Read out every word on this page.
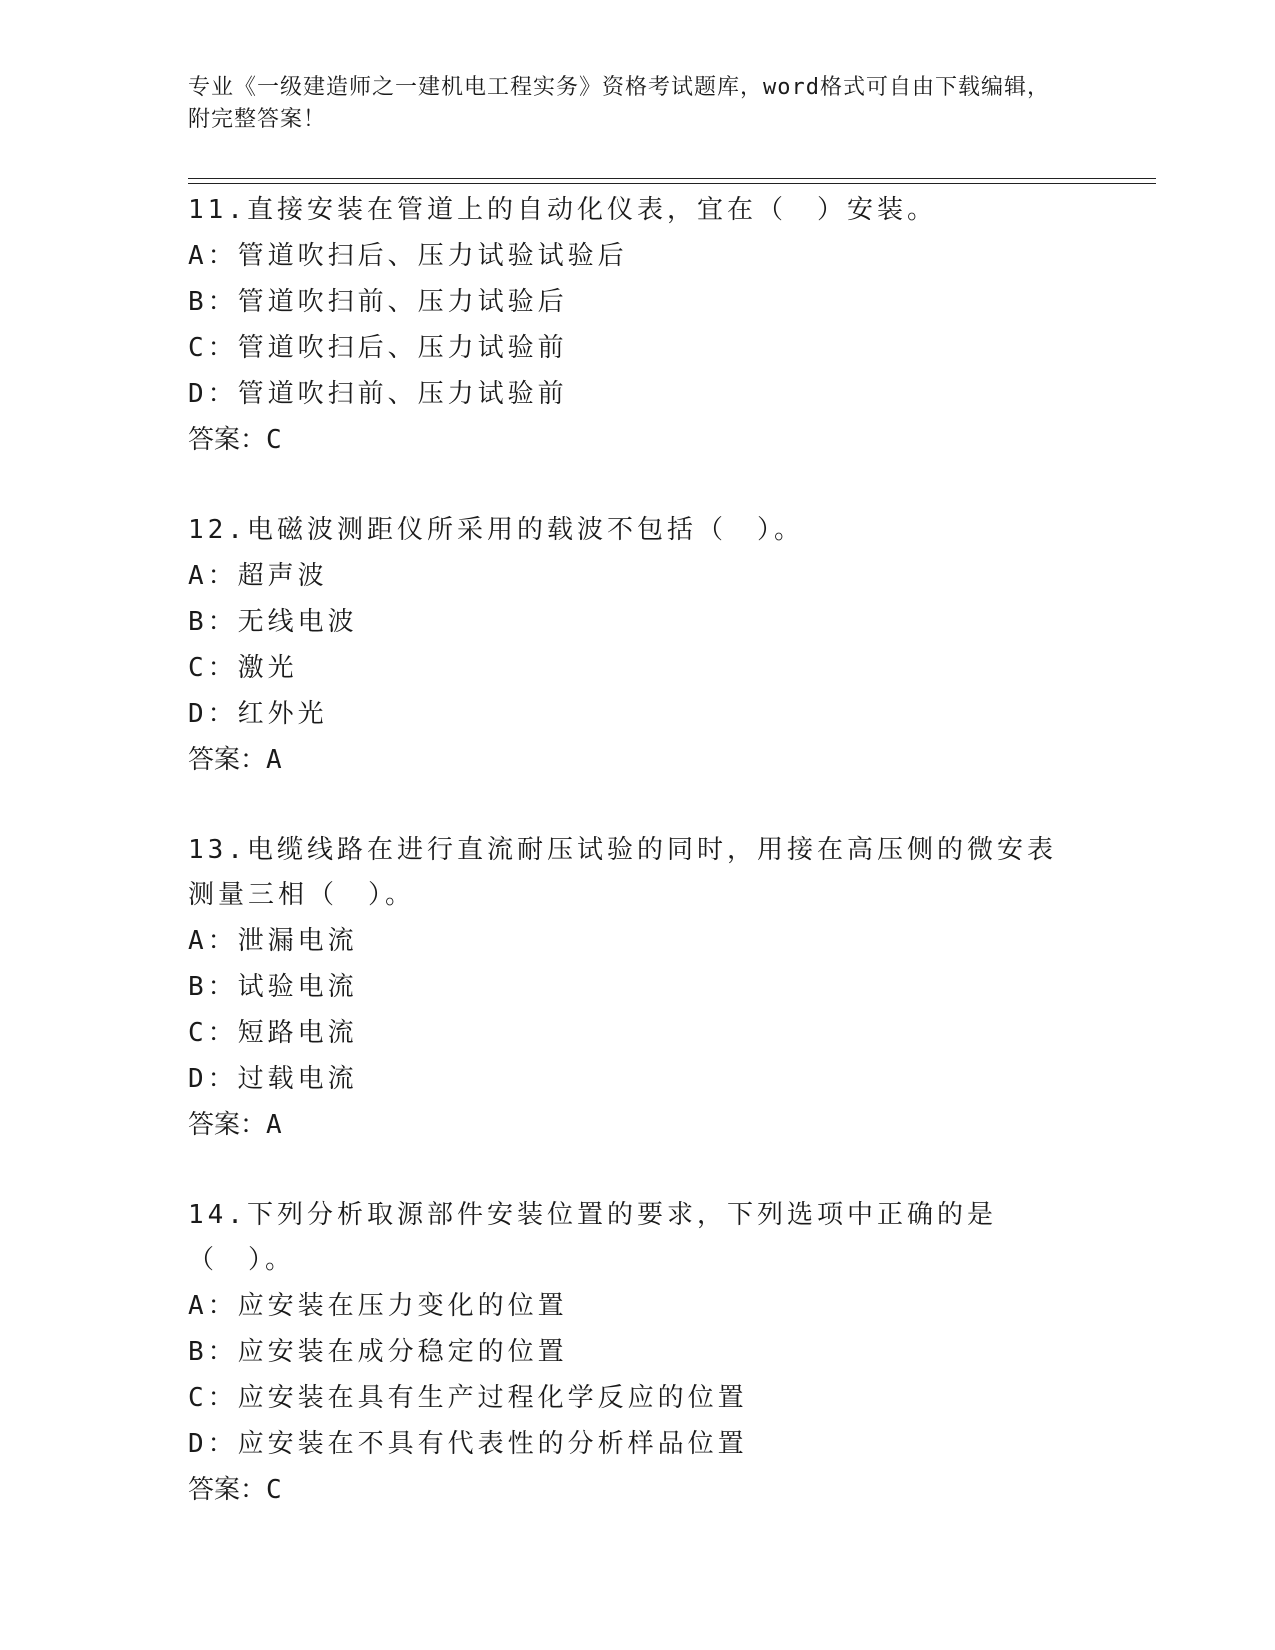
专业《一级建造师之一建机电工程实务》资格考试题库，word格式可自由下载编辑，附完整答案！
11.直接安装在管道上的自动化仪表，宜在（　）安装。
A：管道吹扫后、压力试验试验后
B：管道吹扫前、压力试验后
C：管道吹扫后、压力试验前
D：管道吹扫前、压力试验前
答案：C
12.电磁波测距仪所采用的载波不包括（　）。
A：超声波
B：无线电波
C：激光
D：红外光
答案：A
13.电缆线路在进行直流耐压试验的同时，用接在高压侧的微安表测量三相（　）。
A：泄漏电流
B：试验电流
C：短路电流
D：过载电流
答案：A
14.下列分析取源部件安装位置的要求，下列选项中正确的是（　）。
A：应安装在压力变化的位置
B：应安装在成分稳定的位置
C：应安装在具有生产过程化学反应的位置
D：应安装在不具有代表性的分析样品位置
答案：C
